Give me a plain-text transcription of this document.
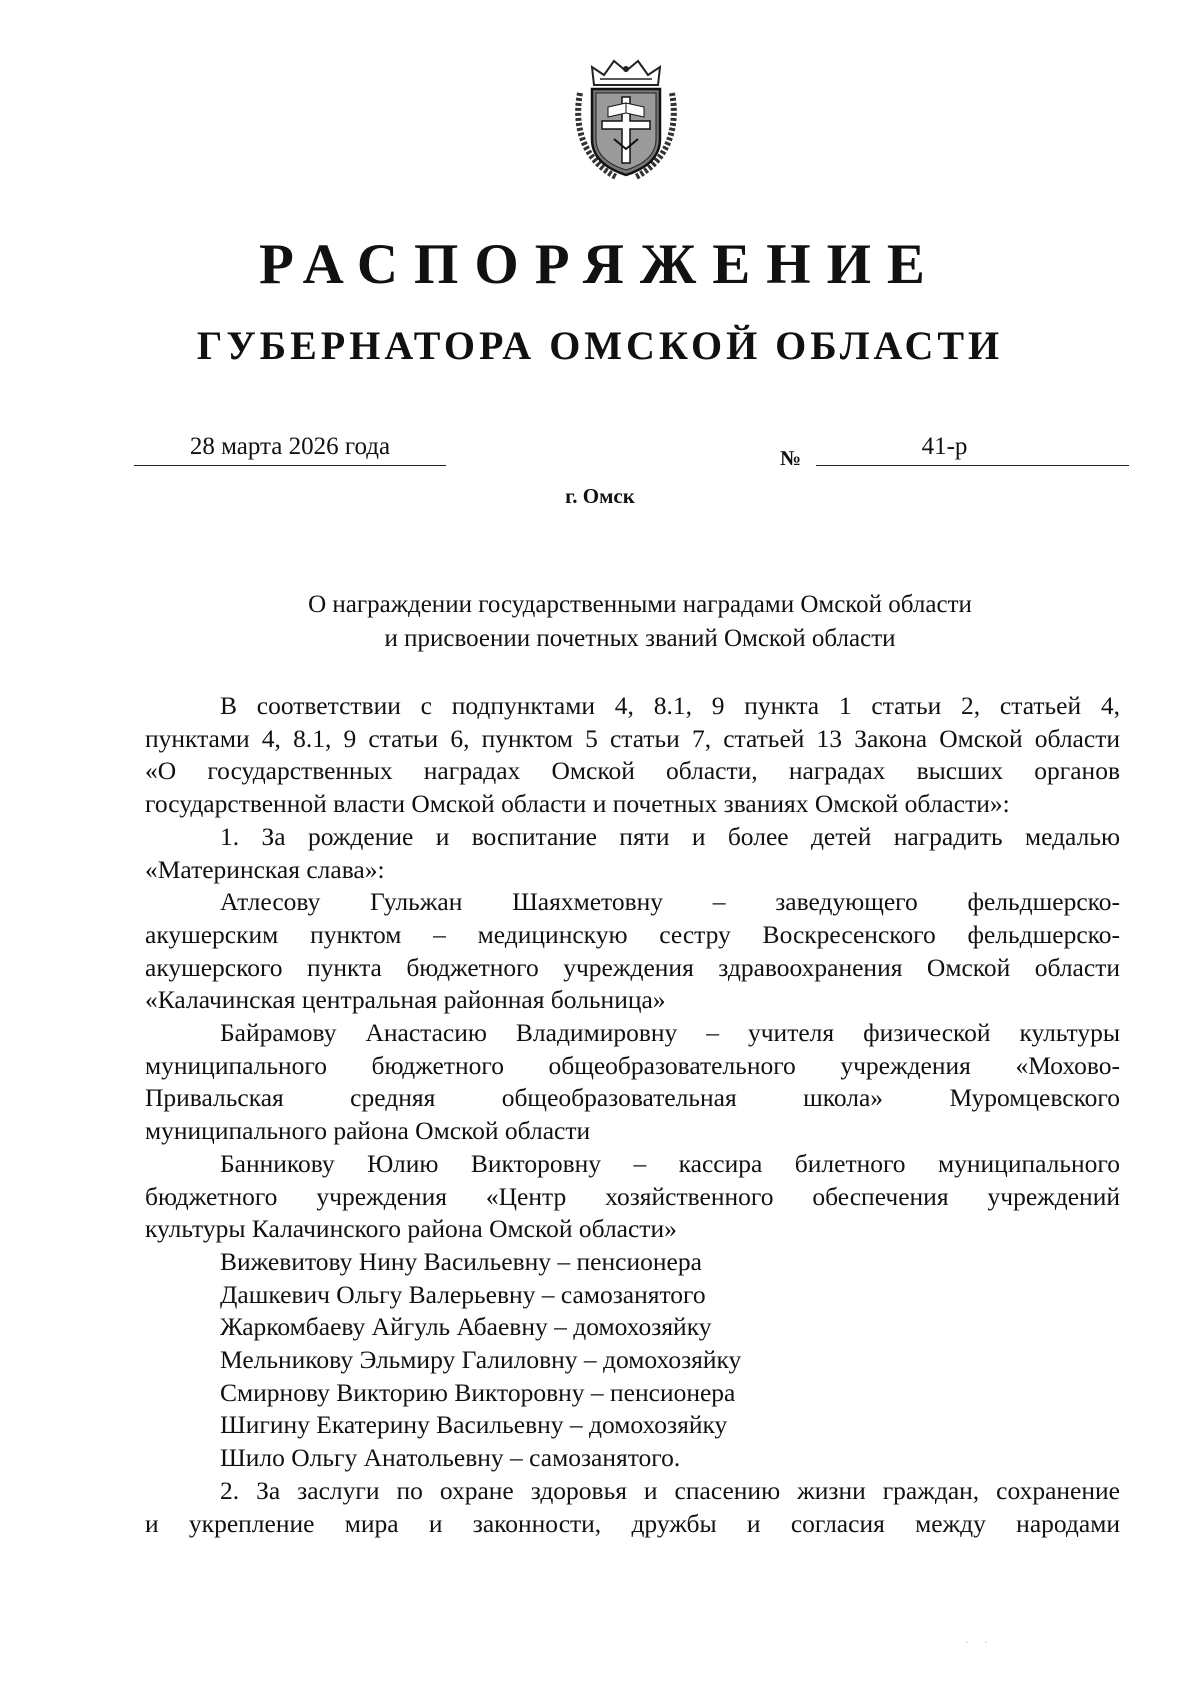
РАСПОРЯЖЕНИЕ
ГУБЕРНАТОРА ОМСКОЙ ОБЛАСТИ
28 марта 2026 года	№	41-р
г. Омск
О награждении государственными наградами Омской области
и присвоении почетных званий Омской области

В соответствии с подпунктами 4, 8.1, 9 пункта 1 статьи 2, статьей 4,

пунктами 4, 8.1, 9 статьи 6, пунктом 5 статьи 7, статьей 13 Закона Омской области

«О государственных наградах Омской области, наградах высших органов

государственной власти Омской области и почетных званиях Омской области»:

1. За рождение и воспитание пяти и более детей наградить медалью

«Материнская слава»:

Атлесову Гульжан Шаяхметовну – заведующего фельдшерско-

акушерским пунктом – медицинскую сестру Воскресенского фельдшерско-

акушерского пункта бюджетного учреждения здравоохранения Омской области

«Калачинская центральная районная больница»

Байрамову Анастасию Владимировну – учителя физической культуры

муниципального бюджетного общеобразовательного учреждения «Мохово-

Привальская средняя общеобразовательная школа» Муромцевского

муниципального района Омской области

Банникову Юлию Викторовну – кассира билетного муниципального

бюджетного учреждения «Центр хозяйственного обеспечения учреждений

культуры Калачинского района Омской области»

Вижевитову Нину Васильевну – пенсионера

Дашкевич Ольгу Валерьевну – самозанятого

Жаркомбаеву Айгуль Абаевну – домохозяйку

Мельникову Эльмиру Галиловну – домохозяйку

Смирнову Викторию Викторовну – пенсионера

Шигину Екатерину Васильевну – домохозяйку

Шило Ольгу Анатольевну – самозанятого.

2. За заслуги по охране здоровья и спасению жизни граждан, сохранение

и укрепление мира и законности, дружбы и согласия между народами

· ·
